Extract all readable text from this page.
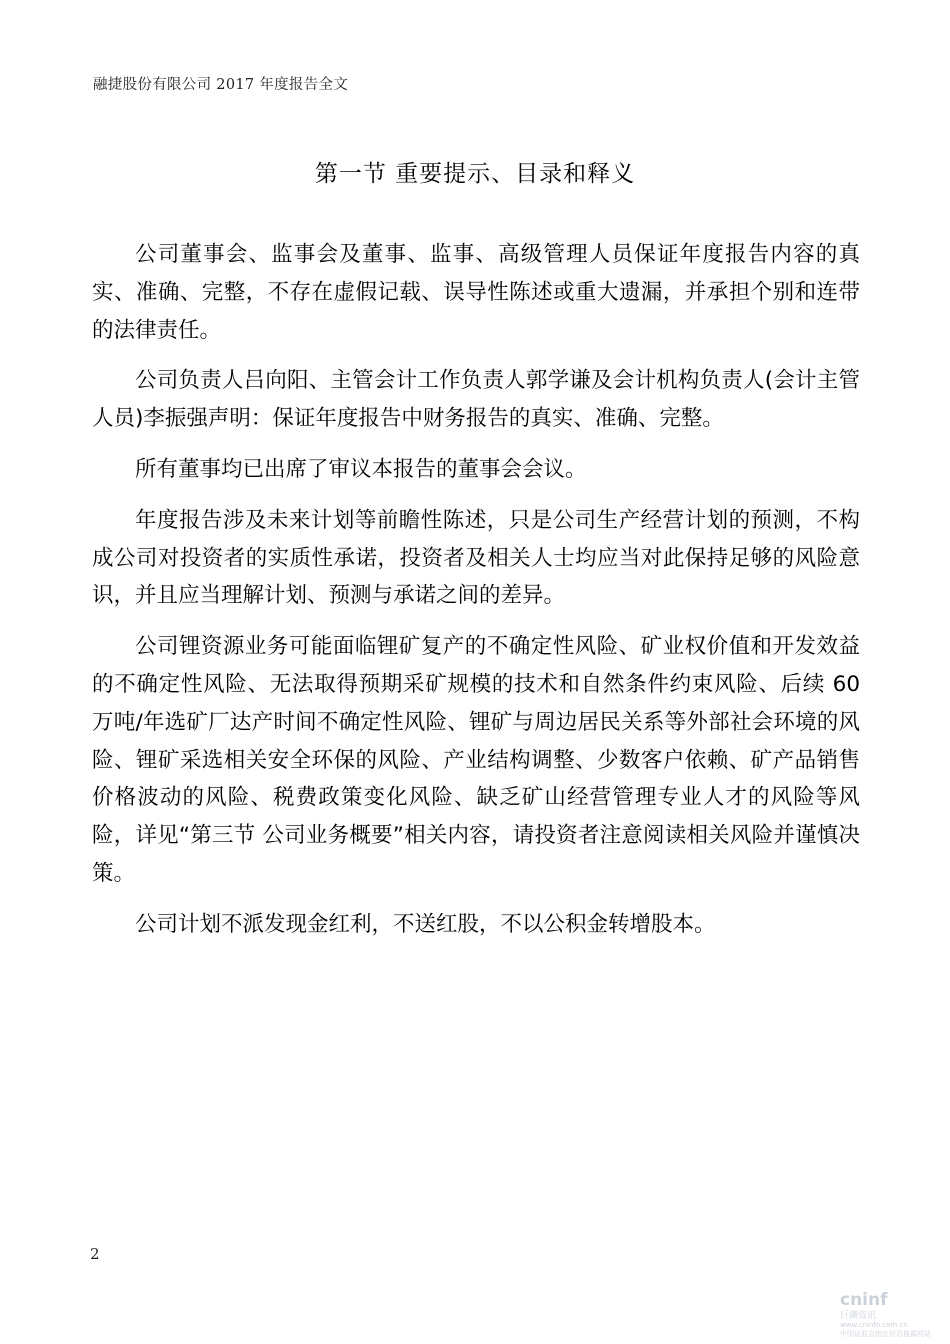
融捷股份有限公司 2017 年度报告全文
第一节 重要提示、目录和释义

公司董事会、监事会及董事、监事、高级管理人员保证年度报告内容的真实、准确、完整，不存在虚假记载、误导性陈述或重大遗漏，并承担个别和连带的法律责任。

公司负责人吕向阳、主管会计工作负责人郭学谦及会计机构负责人(会计主管人员)李振强声明：保证年度报告中财务报告的真实、准确、完整。

所有董事均已出席了审议本报告的董事会会议。

年度报告涉及未来计划等前瞻性陈述，只是公司生产经营计划的预测，不构成公司对投资者的实质性承诺，投资者及相关人士均应当对此保持足够的风险意识，并且应当理解计划、预测与承诺之间的差异。

公司锂资源业务可能面临锂矿复产的不确定性风险、矿业权价值和开发效益的不确定性风险、无法取得预期采矿规模的技术和自然条件约束风险、后续 60 万吨/年选矿厂达产时间不确定性风险、锂矿与周边居民关系等外部社会环境的风险、锂矿采选相关安全环保的风险、产业结构调整、少数客户依赖、矿产品销售价格波动的风险、税费政策变化风险、缺乏矿山经营管理专业人才的风险等风险，详见“第三节 公司业务概要”相关内容，请投资者注意阅读相关风险并谨慎决策。

公司计划不派发现金红利，不送红股，不以公积金转增股本。

2
cninf
巨潮资讯
www.cninfo.com.cn
中国证监会指定信息披露网站
